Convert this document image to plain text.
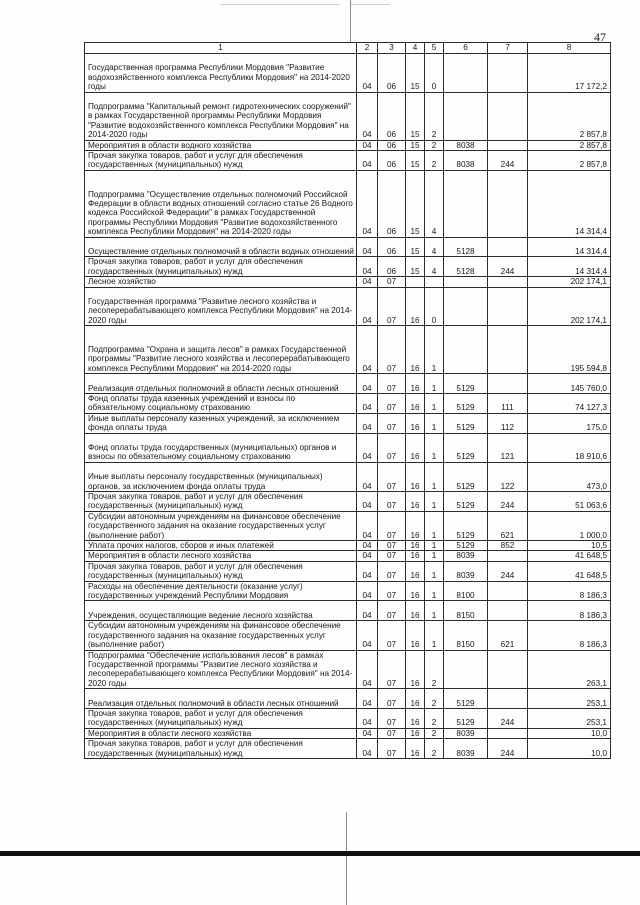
47
1	2	3	4	5	6	7	8
Государственная программа Республики Мордовия "Развитие водохозяйственного комплекса Республики Мордовия" на 2014-2020 годы	04	06	15	0			17 172,2
Подпрограмма "Капитальный ремонт гидротехнических сооружений" в рамках Государственной программы Республики Мордовия "Развитие водохозяйственного комплекса Республики Мордовия" на 2014-2020 годы	04	06	15	2			2 857,8
Мероприятия в области водного хозяйства	04	06	15	2	8038		2 857,8
Прочая закупка товаров, работ и услуг для обеспечения государственных (муниципальных) нужд	04	06	15	2	8038	244	2 857,8
Подпрограмма "Осуществление отдельных полномочий Российской Федерации в области водных отношений согласно статье 26 Водного кодекса Российской Федерации" в рамках Государственной программы Республики Мордовия "Развитие водохозяйственного комплекса Республики Мордовия" на 2014-2020 годы	04	06	15	4			14 314,4
Осуществление отдельных полномочий в области водных отношений	04	06	15	4	5128		14 314,4
Прочая закупка товаров, работ и услуг для обеспечения государственных (муниципальных) нужд	04	06	15	4	5128	244	14 314,4
Лесное хозяйство	04	07					202 174,1
Государственная программа "Развитие лесного хозяйства и лесоперерабатывающего комплекса Республики Мордовия" на 2014-2020 годы	04	07	16	0			202 174,1
Подпрограмма "Охрана и защита лесов" в рамках Государственной программы "Развитие лесного хозяйства и лесоперерабатывающего комплекса Республики Мордовия" на 2014-2020 годы	04	07	16	1			195 594,8
Реализация отдельных полномочий в области лесных отношений	04	07	16	1	5129		145 760,0
Фонд оплаты труда казенных учреждений и взносы по обязательному социальному страхованию	04	07	16	1	5129	111	74 127,3
Иные выплаты персоналу казенных учреждений, за исключением фонда оплаты труда	04	07	16	1	5129	112	175,0
Фонд оплаты труда государственных (муниципальных) органов и взносы по обязательному социальному страхованию	04	07	16	1	5129	121	18 910,6
Иные выплаты персоналу государственных (муниципальных) органов, за исключением фонда оплаты труда	04	07	16	1	5129	122	473,0
Прочая закупка товаров, работ и услуг для обеспечения государственных (муниципальных) нужд	04	07	16	1	5129	244	51 063,6
Субсидии автономным учреждениям на финансовое обеспечение государственного задания на оказание государственных услуг (выполнение работ)	04	07	16	1	5129	621	1 000,0
Уплата прочих налогов, сборов и иных платежей	04	07	16	1	5129	852	10,5
Мероприятия в области лесного хозяйства	04	07	16	1	8039		41 648,5
Прочая закупка товаров, работ и услуг для обеспечения государственных (муниципальных) нужд	04	07	16	1	8039	244	41 648,5
Расходы на обеспечение деятельности (оказание услуг) государственных учреждений Республики Мордовия	04	07	16	1	8100		8 186,3
Учреждения, осуществляющие ведение лесного хозяйства	04	07	16	1	8150		8 186,3
Субсидии автономным учреждениям на финансовое обеспечение государственного задания на оказание государственных услуг (выполнение работ)	04	07	16	1	8150	621	8 186,3
Подпрограмма "Обеспечение использования лесов" в рамках Государственной программы "Развитие лесного хозяйства и лесоперерабатывающего комплекса Республики Мордовия" на 2014-2020 годы	04	07	16	2			263,1
Реализация отдельных полномочий в области лесных отношений	04	07	16	2	5129		253,1
Прочая закупка товаров, работ и услуг для обеспечения государственных (муниципальных) нужд	04	07	16	2	5129	244	253,1
Мероприятия в области лесного хозяйства	04	07	16	2	8039		10,0
Прочая закупка товаров, работ и услуг для обеспечения государственных (муниципальных) нужд	04	07	16	2	8039	244	10,0
